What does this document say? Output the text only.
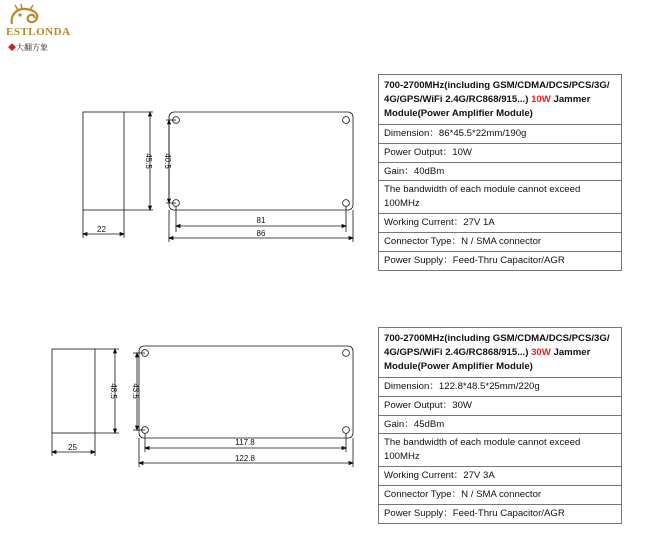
ESTLONDA
◆大翻方象
22
45.5 40.5
81
86
25
48.5 43.5
117.8
122.8
700-2700MHz(including GSM/CDMA/DCS/PCS/3G/ 4G/GPS/WiFi 2.4G/RC868/915...) 10W Jammer Module(Power Amplifier Module)
Dimension：86*45.5*22mm/190g
Power Output：10W
Gain：40dBm
The bandwidth of each module cannot exceed 100MHz
Working Current：27V 1A
Connector Type：N / SMA connector
Power Supply：Feed-Thru Capacitor/AGR
700-2700MHz(including GSM/CDMA/DCS/PCS/3G/ 4G/GPS/WiFi 2.4G/RC868/915...) 30W Jammer Module(Power Amplifier Module)
Dimension：122.8*48.5*25mm/220g
Power Output：30W
Gain：45dBm
The bandwidth of each module cannot exceed 100MHz
Working Current：27V 3A
Connector Type：N / SMA connector
Power Supply：Feed-Thru Capacitor/AGR
